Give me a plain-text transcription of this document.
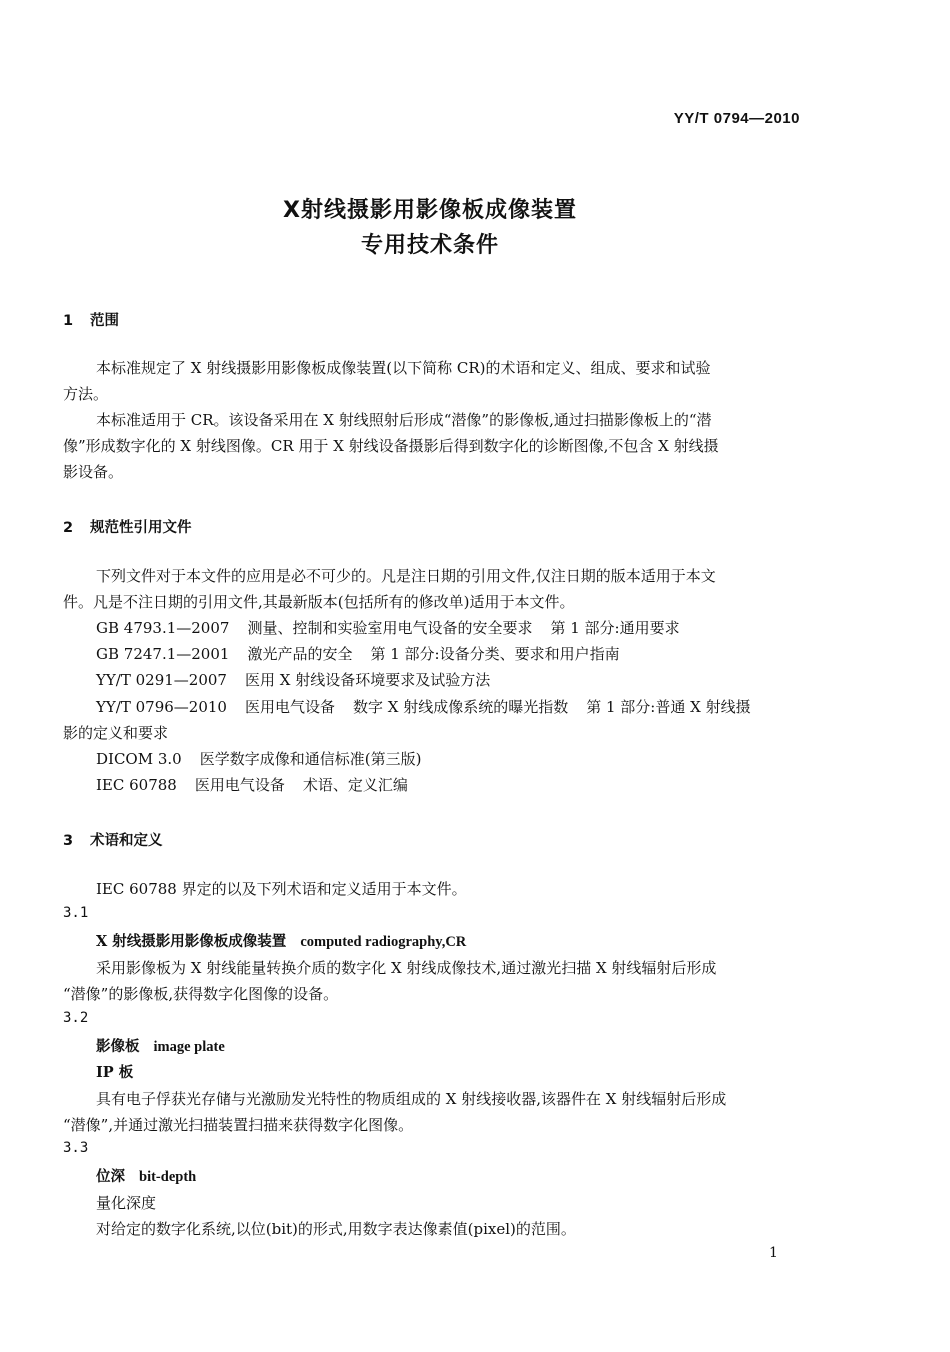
YY/T 0794—2010
X射线摄影用影像板成像装置
专用技术条件
1 范围
本标准规定了 X 射线摄影用影像板成像装置(以下简称 CR)的术语和定义、组成、要求和试验
方法。
本标准适用于 CR。该设备采用在 X 射线照射后形成“潜像”的影像板,通过扫描影像板上的“潜
像”形成数字化的 X 射线图像。CR 用于 X 射线设备摄影后得到数字化的诊断图像,不包含 X 射线摄
影设备。
2 规范性引用文件
下列文件对于本文件的应用是必不可少的。凡是注日期的引用文件,仅注日期的版本适用于本文
件。凡是不注日期的引用文件,其最新版本(包括所有的修改单)适用于本文件。
GB 4793.1—2007 测量、控制和实验室用电气设备的安全要求 第 1 部分:通用要求
GB 7247.1—2001 激光产品的安全 第 1 部分:设备分类、要求和用户指南
YY/T 0291—2007 医用 X 射线设备环境要求及试验方法
YY/T 0796—2010 医用电气设备 数字 X 射线成像系统的曝光指数 第 1 部分:普通 X 射线摄
影的定义和要求
DICOM 3.0 医学数字成像和通信标准(第三版)
IEC 60788 医用电气设备 术语、定义汇编
3 术语和定义
IEC 60788 界定的以及下列术语和定义适用于本文件。
3.1
X 射线摄影用影像板成像装置 computed radiography,CR
采用影像板为 X 射线能量转换介质的数字化 X 射线成像技术,通过激光扫描 X 射线辐射后形成
“潜像”的影像板,获得数字化图像的设备。
3.2
影像板 image plate
IP 板
具有电子俘获光存储与光激励发光特性的物质组成的 X 射线接收器,该器件在 X 射线辐射后形成
“潜像”,并通过激光扫描装置扫描来获得数字化图像。
3.3
位深 bit-depth
量化深度
对给定的数字化系统,以位(bit)的形式,用数字表达像素值(pixel)的范围。
1
